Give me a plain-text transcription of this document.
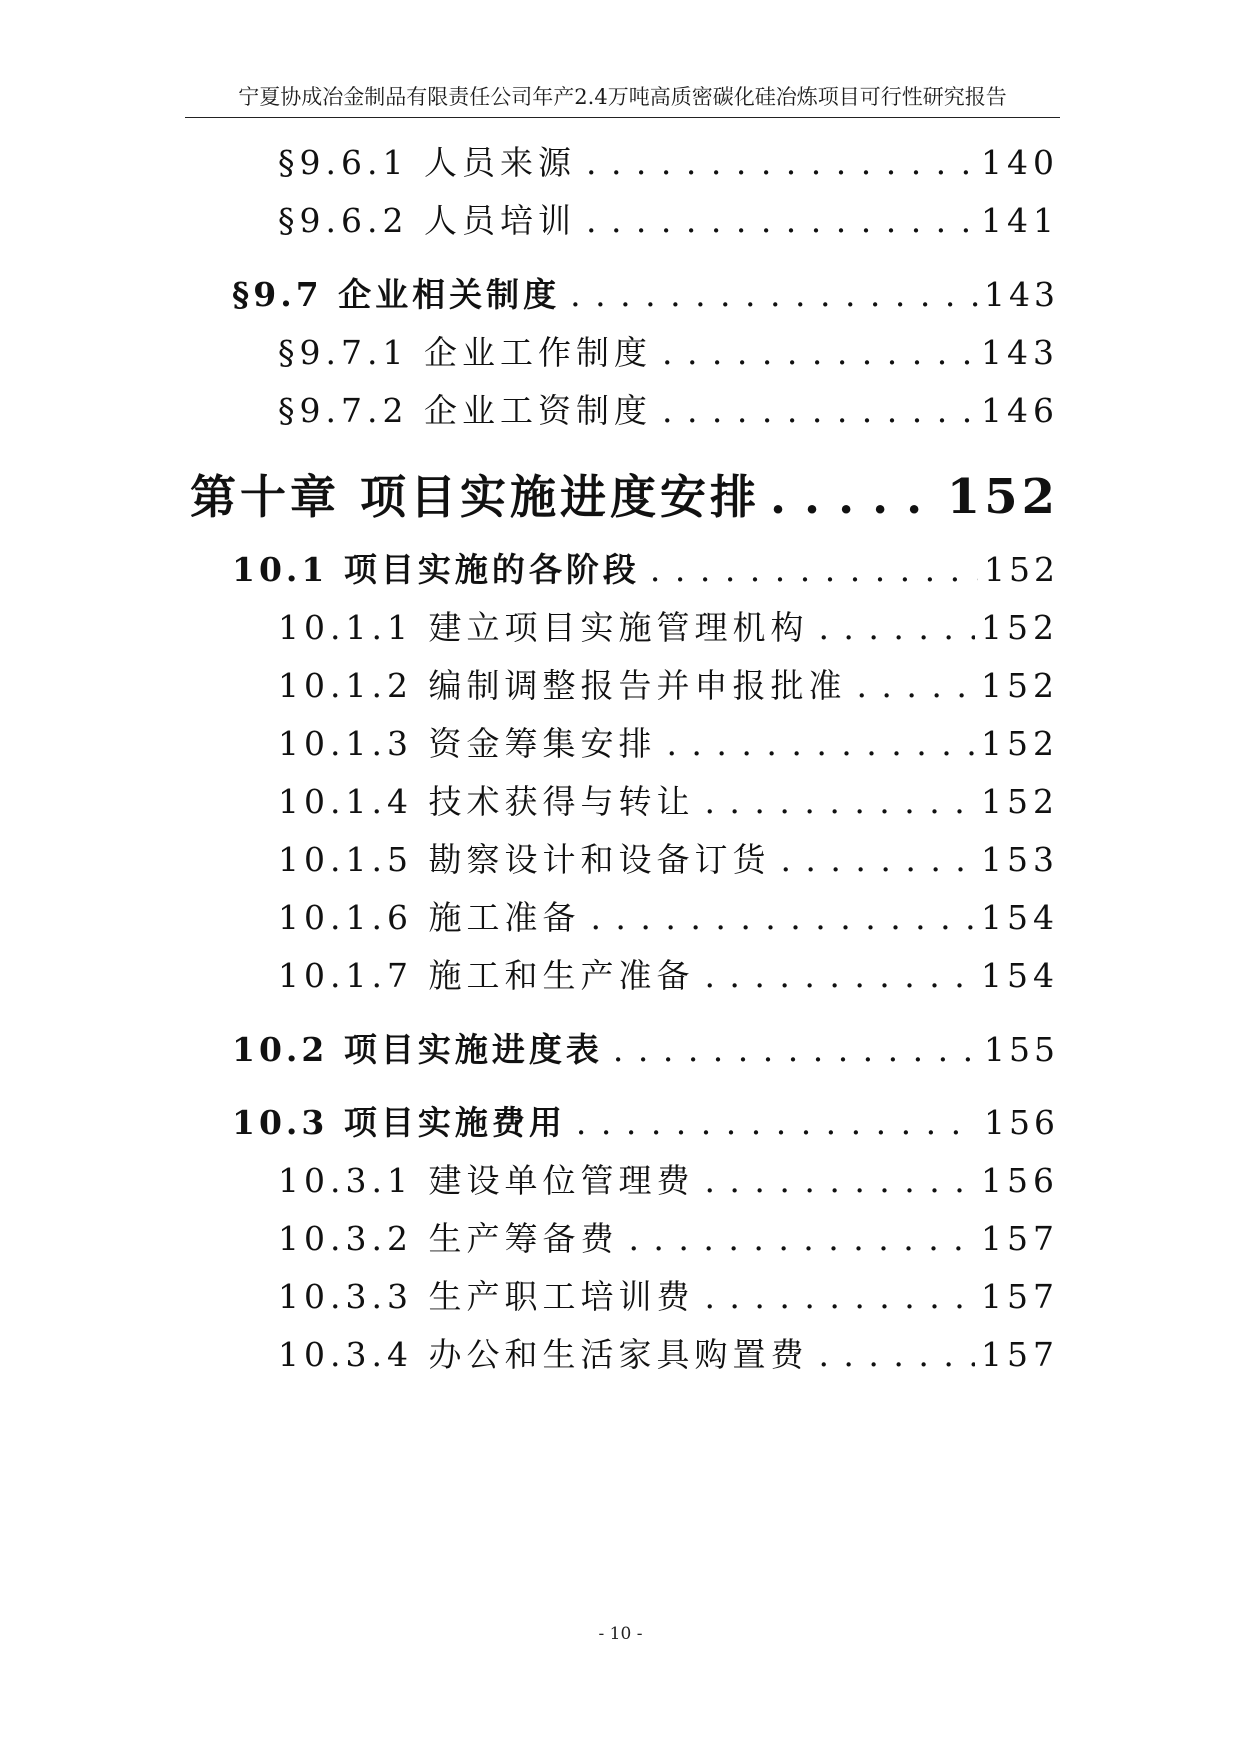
宁夏协成冶金制品有限责任公司年产2.4万吨高质密碳化硅冶炼项目可行性研究报告
§9.6.1 人员来源 . . .	140
§9.6.2 人员培训 . . .	141
§9.7 企业相关制度 . . .	143
§9.7.1 企业工作制度 . . .	143
§9.7.2 企业工资制度 . . .	146
第十章 项目实施进度安排 . . .	152
10.1 项目实施的各阶段 . . .	152
10.1.1 建立项目实施管理机构 . . .	152
10.1.2 编制调整报告并申报批准 . . .	152
10.1.3 资金筹集安排 . . .	152
10.1.4 技术获得与转让 . . .	152
10.1.5 勘察设计和设备订货 . . .	153
10.1.6 施工准备 . . .	154
10.1.7 施工和生产准备 . . .	154
10.2 项目实施进度表 . . .	155
10.3 项目实施费用 . . .	156
10.3.1 建设单位管理费 . . .	156
10.3.2 生产筹备费 . . .	157
10.3.3 生产职工培训费 . . .	157
10.3.4 办公和生活家具购置费 . . .	157
- 10 -
